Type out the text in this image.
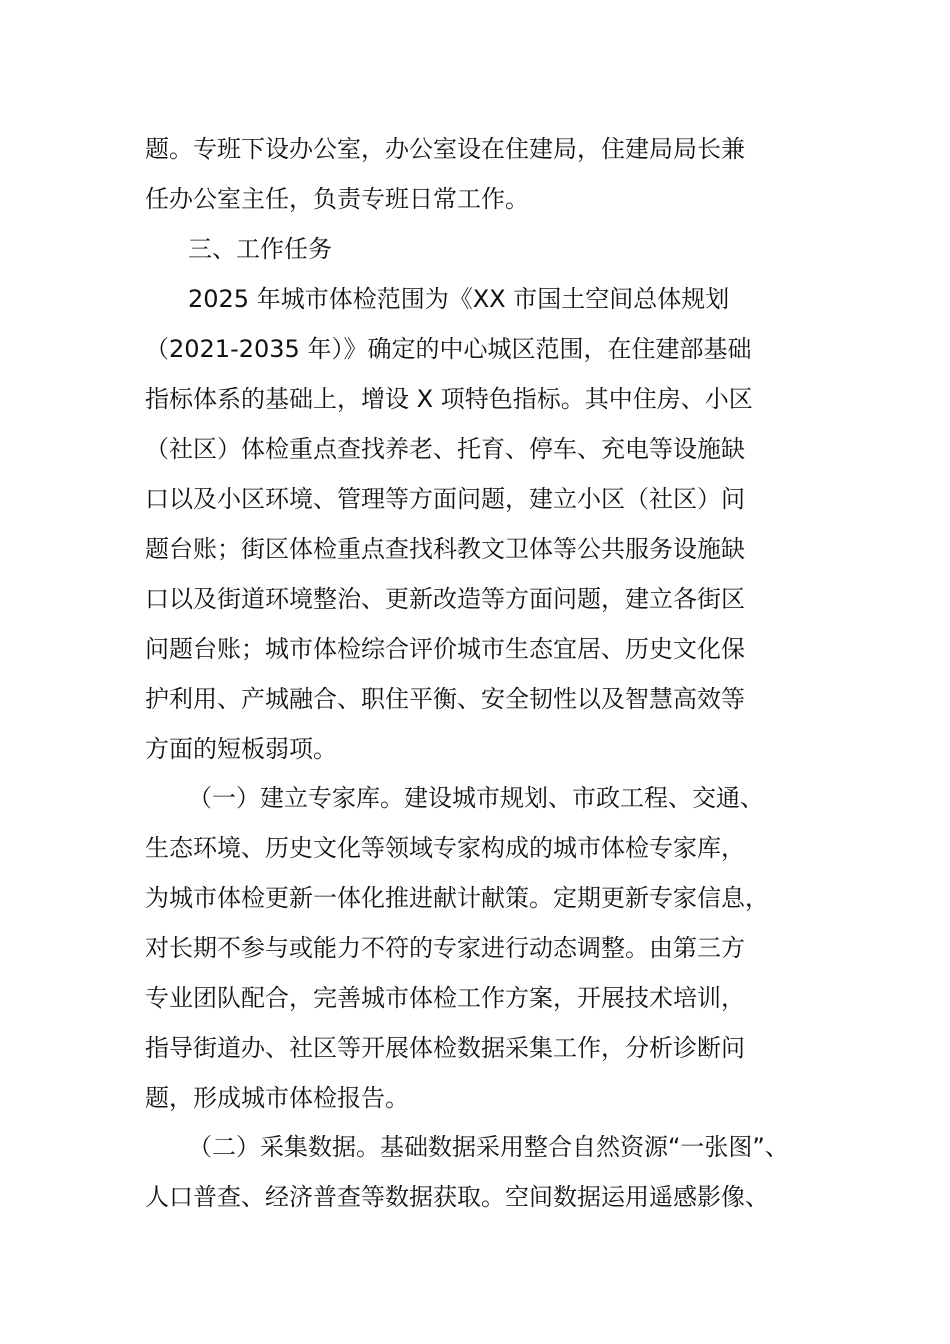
题。专班下设办公室，办公室设在住建局，住建局局长兼
任办公室主任，负责专班日常工作。
三、工作任务
2025 年城市体检范围为《XX 市国土空间总体规划
（2021-2035 年）》确定的中心城区范围，在住建部基础
指标体系的基础上，增设 X 项特色指标。其中住房、小区
（社区）体检重点查找养老、托育、停车、充电等设施缺
口以及小区环境、管理等方面问题，建立小区（社区）问
题台账；街区体检重点查找科教文卫体等公共服务设施缺
口以及街道环境整治、更新改造等方面问题，建立各街区
问题台账；城市体检综合评价城市生态宜居、历史文化保
护利用、产城融合、职住平衡、安全韧性以及智慧高效等
方面的短板弱项。
（一）建立专家库。建设城市规划、市政工程、交通、
生态环境、历史文化等领域专家构成的城市体检专家库，
为城市体检更新一体化推进献计献策。定期更新专家信息，
对长期不参与或能力不符的专家进行动态调整。由第三方
专业团队配合，完善城市体检工作方案，开展技术培训，
指导街道办、社区等开展体检数据采集工作，分析诊断问
题，形成城市体检报告。
（二）采集数据。基础数据采用整合自然资源“一张图”、
人口普查、经济普查等数据获取。空间数据运用遥感影像、
